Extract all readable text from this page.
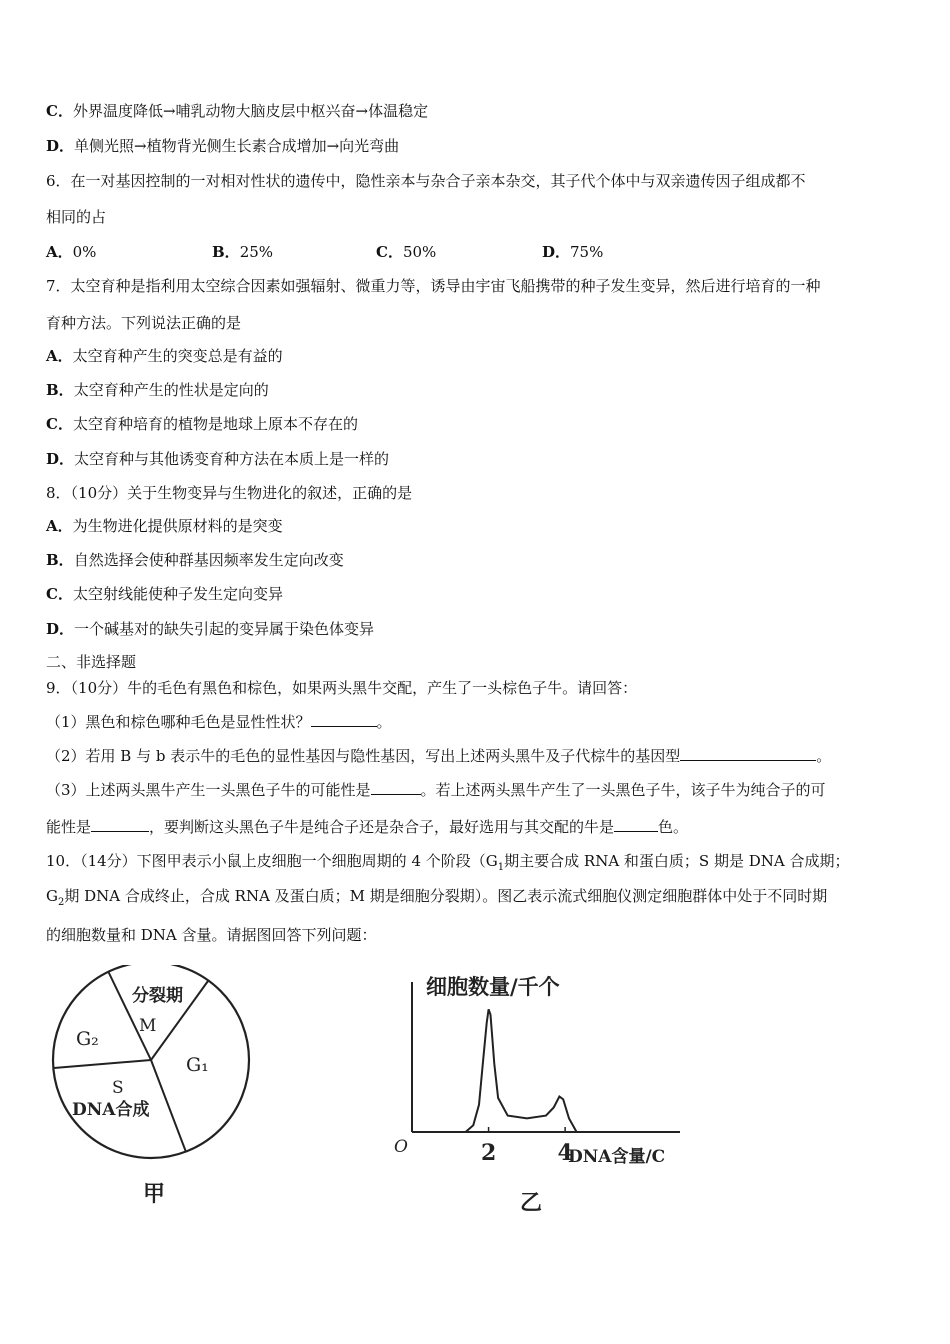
C．外界温度降低→哺乳动物大脑皮层中枢兴奋→体温稳定
D．单侧光照→植物背光侧生长素合成增加→向光弯曲
6．在一对基因控制的一对相对性状的遗传中，隐性亲本与杂合子亲本杂交，其子代个体中与双亲遗传因子组成都不
相同的占
A．0%	B．25%	C．50%	D．75%
7．太空育种是指利用太空综合因素如强辐射、微重力等，诱导由宇宙飞船携带的种子发生变异，然后进行培育的一种
育种方法。下列说法正确的是
A．太空育种产生的突变总是有益的
B．太空育种产生的性状是定向的
C．太空育种培育的植物是地球上原本不存在的
D．太空育种与其他诱变育种方法在本质上是一样的
8．（10分）关于生物变异与生物进化的叙述，正确的是
A．为生物进化提供原材料的是突变
B．自然选择会使种群基因频率发生定向改变
C．太空射线能使种子发生定向变异
D．一个碱基对的缺失引起的变异属于染色体变异
二、非选择题
9．（10分）牛的毛色有黑色和棕色，如果两头黑牛交配，产生了一头棕色子牛。请回答：
（1）黑色和棕色哪种毛色是显性性状？	。
（2）若用 B 与 b 表示牛的毛色的显性基因与隐性基因，写出上述两头黑牛及子代棕牛的基因型	。
（3）上述两头黑牛产生一头黑色子牛的可能性是	。若上述两头黑牛产生了一头黑色子牛，该子牛为纯合子的可
能性是	，要判断这头黑色子牛是纯合子还是杂合子，最好选用与其交配的牛是	色。
10．（14分）下图甲表示小鼠上皮细胞一个细胞周期的 4 个阶段（$G_1$期主要合成 RNA 和蛋白质；S 期是 DNA 合成期；
$G_2$期 DNA 合成终止，合成 RNA 及蛋白质；M 期是细胞分裂期）。图乙表示流式细胞仪测定细胞群体中处于不同时期
的细胞数量和 DNA 含量。请据图回答下列问题：
分裂期
M
G₂
G₁
S
DNA合成
甲
细胞数量/千个
DNA含量/C
O	2	4
乙
